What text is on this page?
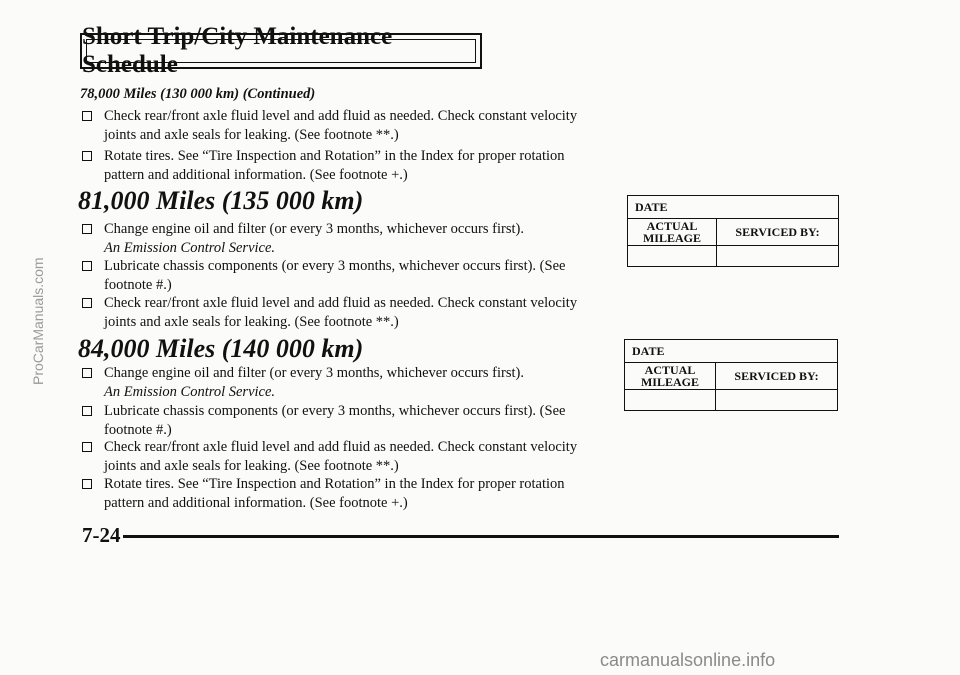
Short Trip/City Maintenance Schedule
78,000 Miles (130 000 km) (Continued)
Check rear/front axle fluid level and add fluid as needed. Check constant velocity joints and axle seals for leaking. (See footnote **.)
Rotate tires. See “Tire Inspection and Rotation” in the Index for proper rotation pattern and additional information. (See footnote +.)
81,000 Miles (135 000 km)
Change engine oil and filter (or every 3 months, whichever occurs first).
An Emission Control Service.
Lubricate chassis components (or every 3 months, whichever occurs first). (See footnote #.)
Check rear/front axle fluid level and add fluid as needed. Check constant velocity joints and axle seals for leaking. (See footnote **.)
84,000 Miles (140 000 km)
Change engine oil and filter (or every 3 months, whichever occurs first).
An Emission Control Service.
Lubricate chassis components (or every 3 months, whichever occurs first). (See footnote #.)
Check rear/front axle fluid level and add fluid as needed. Check constant velocity joints and axle seals for leaking. (See footnote **.)
Rotate tires. See “Tire Inspection and Rotation” in the Index for proper rotation pattern and additional information. (See footnote +.)
DATE	
ACTUAL MILEAGE	SERVICED BY:

DATE	
ACTUAL MILEAGE	SERVICED BY:

7-24
ProCarManuals.com
carmanualsonline.info
